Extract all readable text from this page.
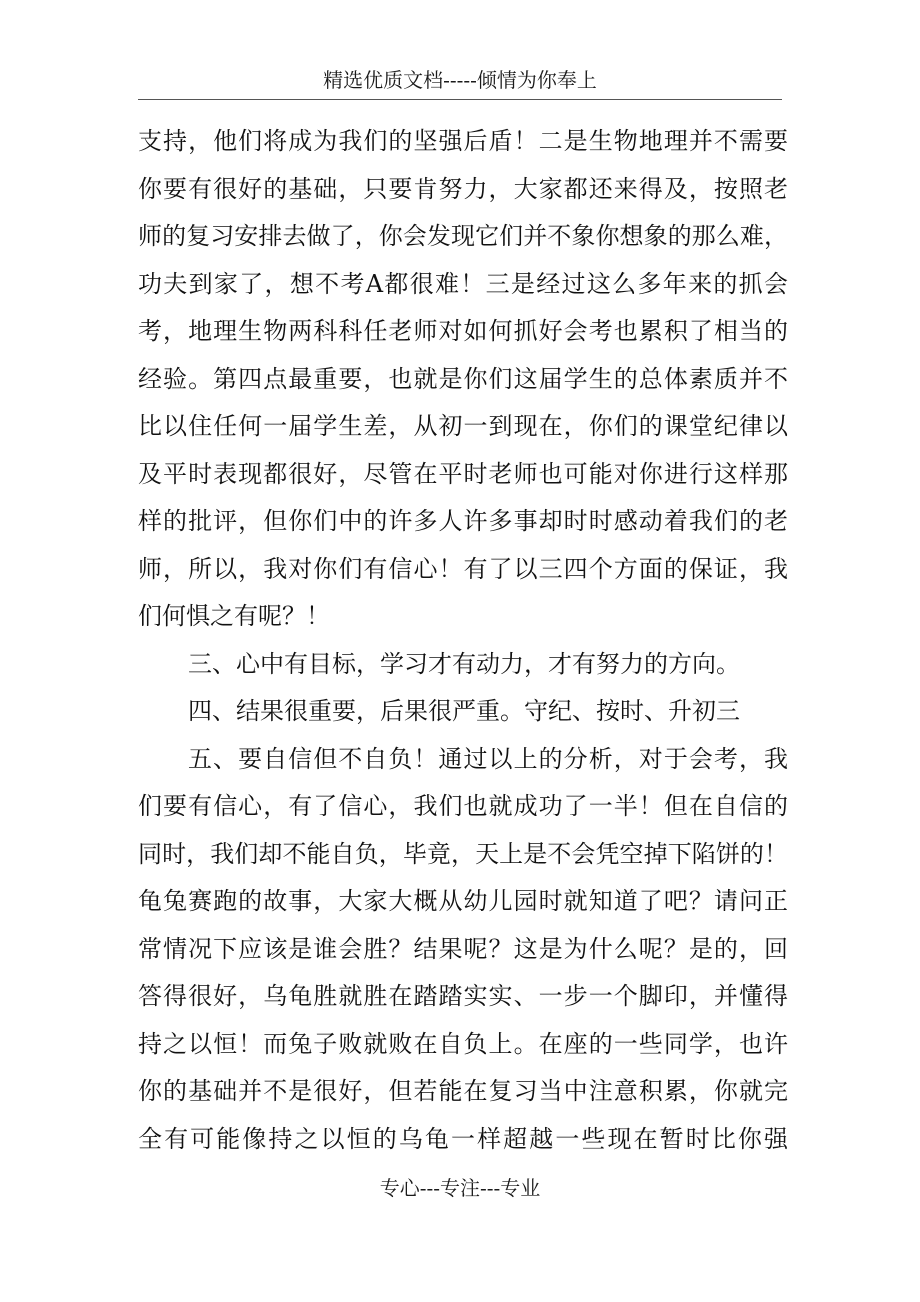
精选优质文档-----倾情为你奉上
支持，他们将成为我们的坚强后盾！二是生物地理并不需要
你要有很好的基础，只要肯努力，大家都还来得及，按照老
师的复习安排去做了，你会发现它们并不象你想象的那么难，
功夫到家了，想不考A都很难！三是经过这么多年来的抓会
考，地理生物两科科任老师对如何抓好会考也累积了相当的
经验。第四点最重要，也就是你们这届学生的总体素质并不
比以住任何一届学生差，从初一到现在，你们的课堂纪律以
及平时表现都很好，尽管在平时老师也可能对你进行这样那
样的批评，但你们中的许多人许多事却时时感动着我们的老
师，所以，我对你们有信心！有了以三四个方面的保证，我
们何惧之有呢？！
三、心中有目标，学习才有动力，才有努力的方向。
四、结果很重要，后果很严重。守纪、按时、升初三
五、要自信但不自负！通过以上的分析，对于会考，我
们要有信心，有了信心，我们也就成功了一半！但在自信的
同时，我们却不能自负，毕竟，天上是不会凭空掉下陷饼的！
龟兔赛跑的故事，大家大概从幼儿园时就知道了吧？请问正
常情况下应该是谁会胜？结果呢？这是为什么呢？是的，回
答得很好，乌龟胜就胜在踏踏实实、一步一个脚印，并懂得
持之以恒！而兔子败就败在自负上。在座的一些同学，也许
你的基础并不是很好，但若能在复习当中注意积累，你就完
全有可能像持之以恒的乌龟一样超越一些现在暂时比你强
专心---专注---专业
